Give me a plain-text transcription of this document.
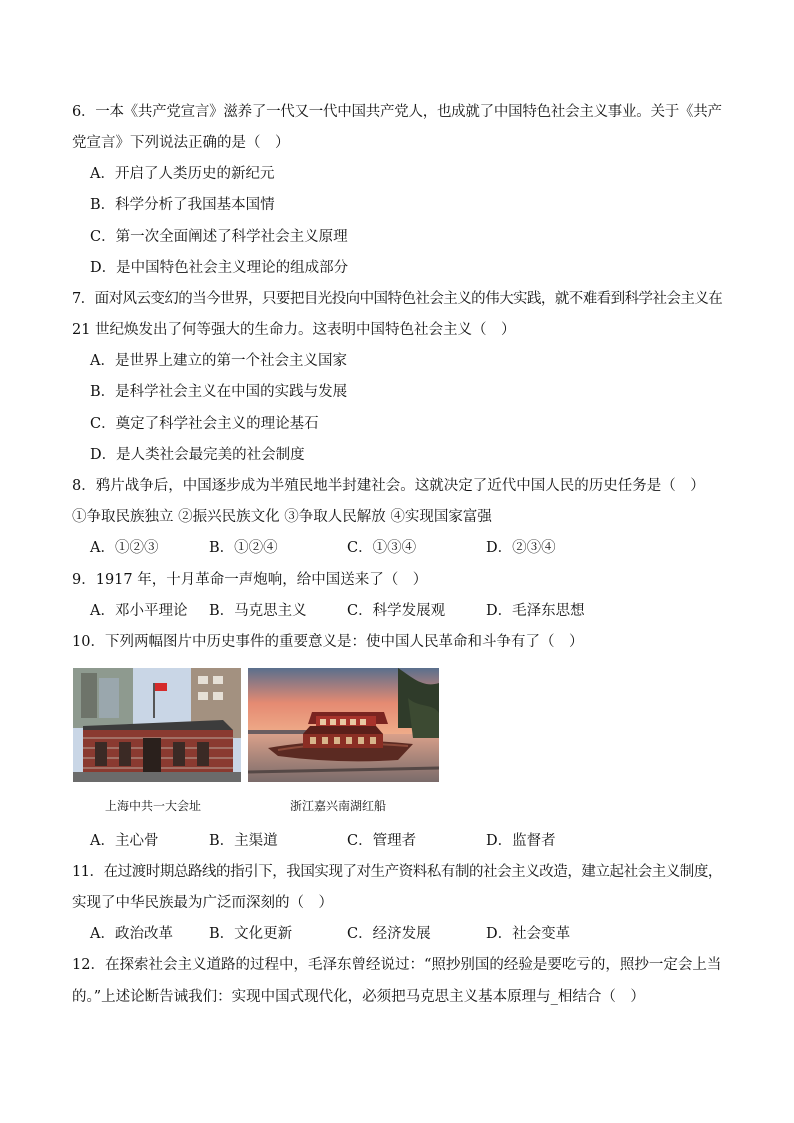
6．一本《共产党宣言》滋养了一代又一代中国共产党人，也成就了中国特色社会主义事业。关于《共产
党宣言》下列说法正确的是（　）
A．开启了人类历史的新纪元
B．科学分析了我国基本国情
C．第一次全面阐述了科学社会主义原理
D．是中国特色社会主义理论的组成部分
7．面对风云变幻的当今世界，只要把目光投向中国特色社会主义的伟大实践，就不难看到科学社会主义在
21 世纪焕发出了何等强大的生命力。这表明中国特色社会主义（　）
A．是世界上建立的第一个社会主义国家
B．是科学社会主义在中国的实践与发展
C．奠定了科学社会主义的理论基石
D．是人类社会最完美的社会制度
8．鸦片战争后，中国逐步成为半殖民地半封建社会。这就决定了近代中国人民的历史任务是（　）
①争取民族独立 ②振兴民族文化 ③争取人民解放 ④实现国家富强
A．①②③	B．①②④	C．①③④	D．②③④
9．1917 年，十月革命一声炮响，给中国送来了（　）
A．邓小平理论 B．马克思主义	C．科学发展观	D．毛泽东思想
10．下列两幅图片中历史事件的重要意义是：使中国人民革命和斗争有了（　）
上海中共一大会址	浙江嘉兴南湖红船
A．主心骨	B．主渠道	C．管理者	D．监督者
11．在过渡时期总路线的指引下，我国实现了对生产资料私有制的社会主义改造，建立起社会主义制度，
实现了中华民族最为广泛而深刻的（　）
A．政治改革 B．文化更新	C．经济发展	D．社会变革
12．在探索社会主义道路的过程中，毛泽东曾经说过：“照抄别国的经验是要吃亏的，照抄一定会上当
的。”上述论断告诫我们：实现中国式现代化，必须把马克思主义基本原理与_相结合（　）
